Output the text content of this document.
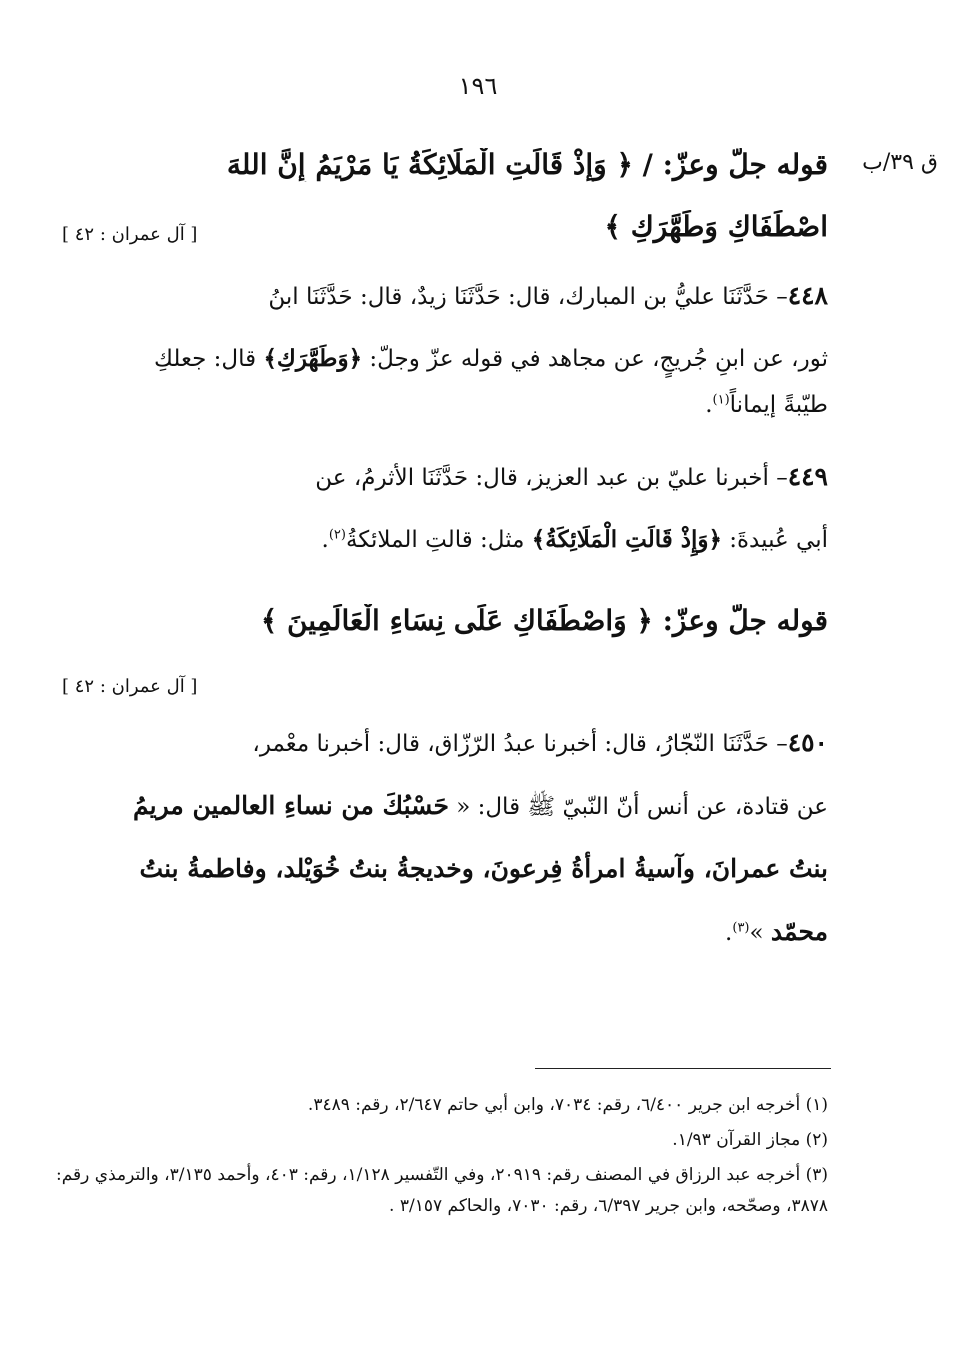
١٩٦
ق ٣٩/ب
قوله جلّ وعزّ: / ﴿ وَإِذْ قَالَتِ الْمَلَائِكَةُ يَا مَرْيَمُ إِنَّ اللهَ
اصْطَفَاكِ وَطَهَّرَكِ ﴾
[ آل عمران : ٤٢ ]
٤٤٨– حَدَّثَنَا عليُّ بن المبارك، قال: حَدَّثَنَا زيدٌ، قال: حَدَّثَنَا ابنُ
ثور، عن ابنِ جُريجٍ، عن مجاهد في قوله عزّ وجلّ: ﴿وَطَهَّرَكِ﴾ قال: جعلكِ
طيّبةً إيماناً$^{(١)}$.
٤٤٩– أخبرنا عليّ بن عبد العزيز، قال: حَدَّثَنَا الأثرمُ، عن
أبي عُبيدةَ: ﴿وَإِذْ قَالَتِ الْمَلَائِكَةُ﴾ مثل: قالتِ الملائكةُ$^{(٢)}$.
قوله جلّ وعزّ: ﴿ وَاصْطَفَاكِ عَلَى نِسَاءِ الْعَالَمِينَ ﴾
[ آل عمران : ٤٢ ]
٤٥٠– حَدَّثَنَا النّجّارُ، قال: أخبرنا عبدُ الرّزّاق، قال: أخبرنا معْمر،
عن قتادة، عن أنس أنّ النّبيّ ﷺ قال: « حَسْبُكَ من نساءِ العالمين مريمُ
بنتُ عمرانَ، وآسيةُ امرأةُ فِرعونَ، وخديجةُ بنتُ خُوَيْلد، وفاطمةُ بنتُ
محمّد »$^{(٣)}$.

(١) أخرجه ابن جرير ٦/٤٠٠، رقم: ٧٠٣٤، وابن أبي حاتم ٢/٦٤٧، رقم: ٣٤٨٩.

(٢) مجاز القرآن ١/٩٣.

(٣) أخرجه عبد الرزاق في المصنف رقم: ٢٠٩١٩، وفي التّفسير ١/١٢٨، رقم: ٤٠٣، وأحمد ٣/١٣٥، والترمذي رقم: ٣٨٧٨، وصحّحه، وابن جرير ٦/٣٩٧، رقم: ٧٠٣٠، والحاكم ٣/١٥٧ .
